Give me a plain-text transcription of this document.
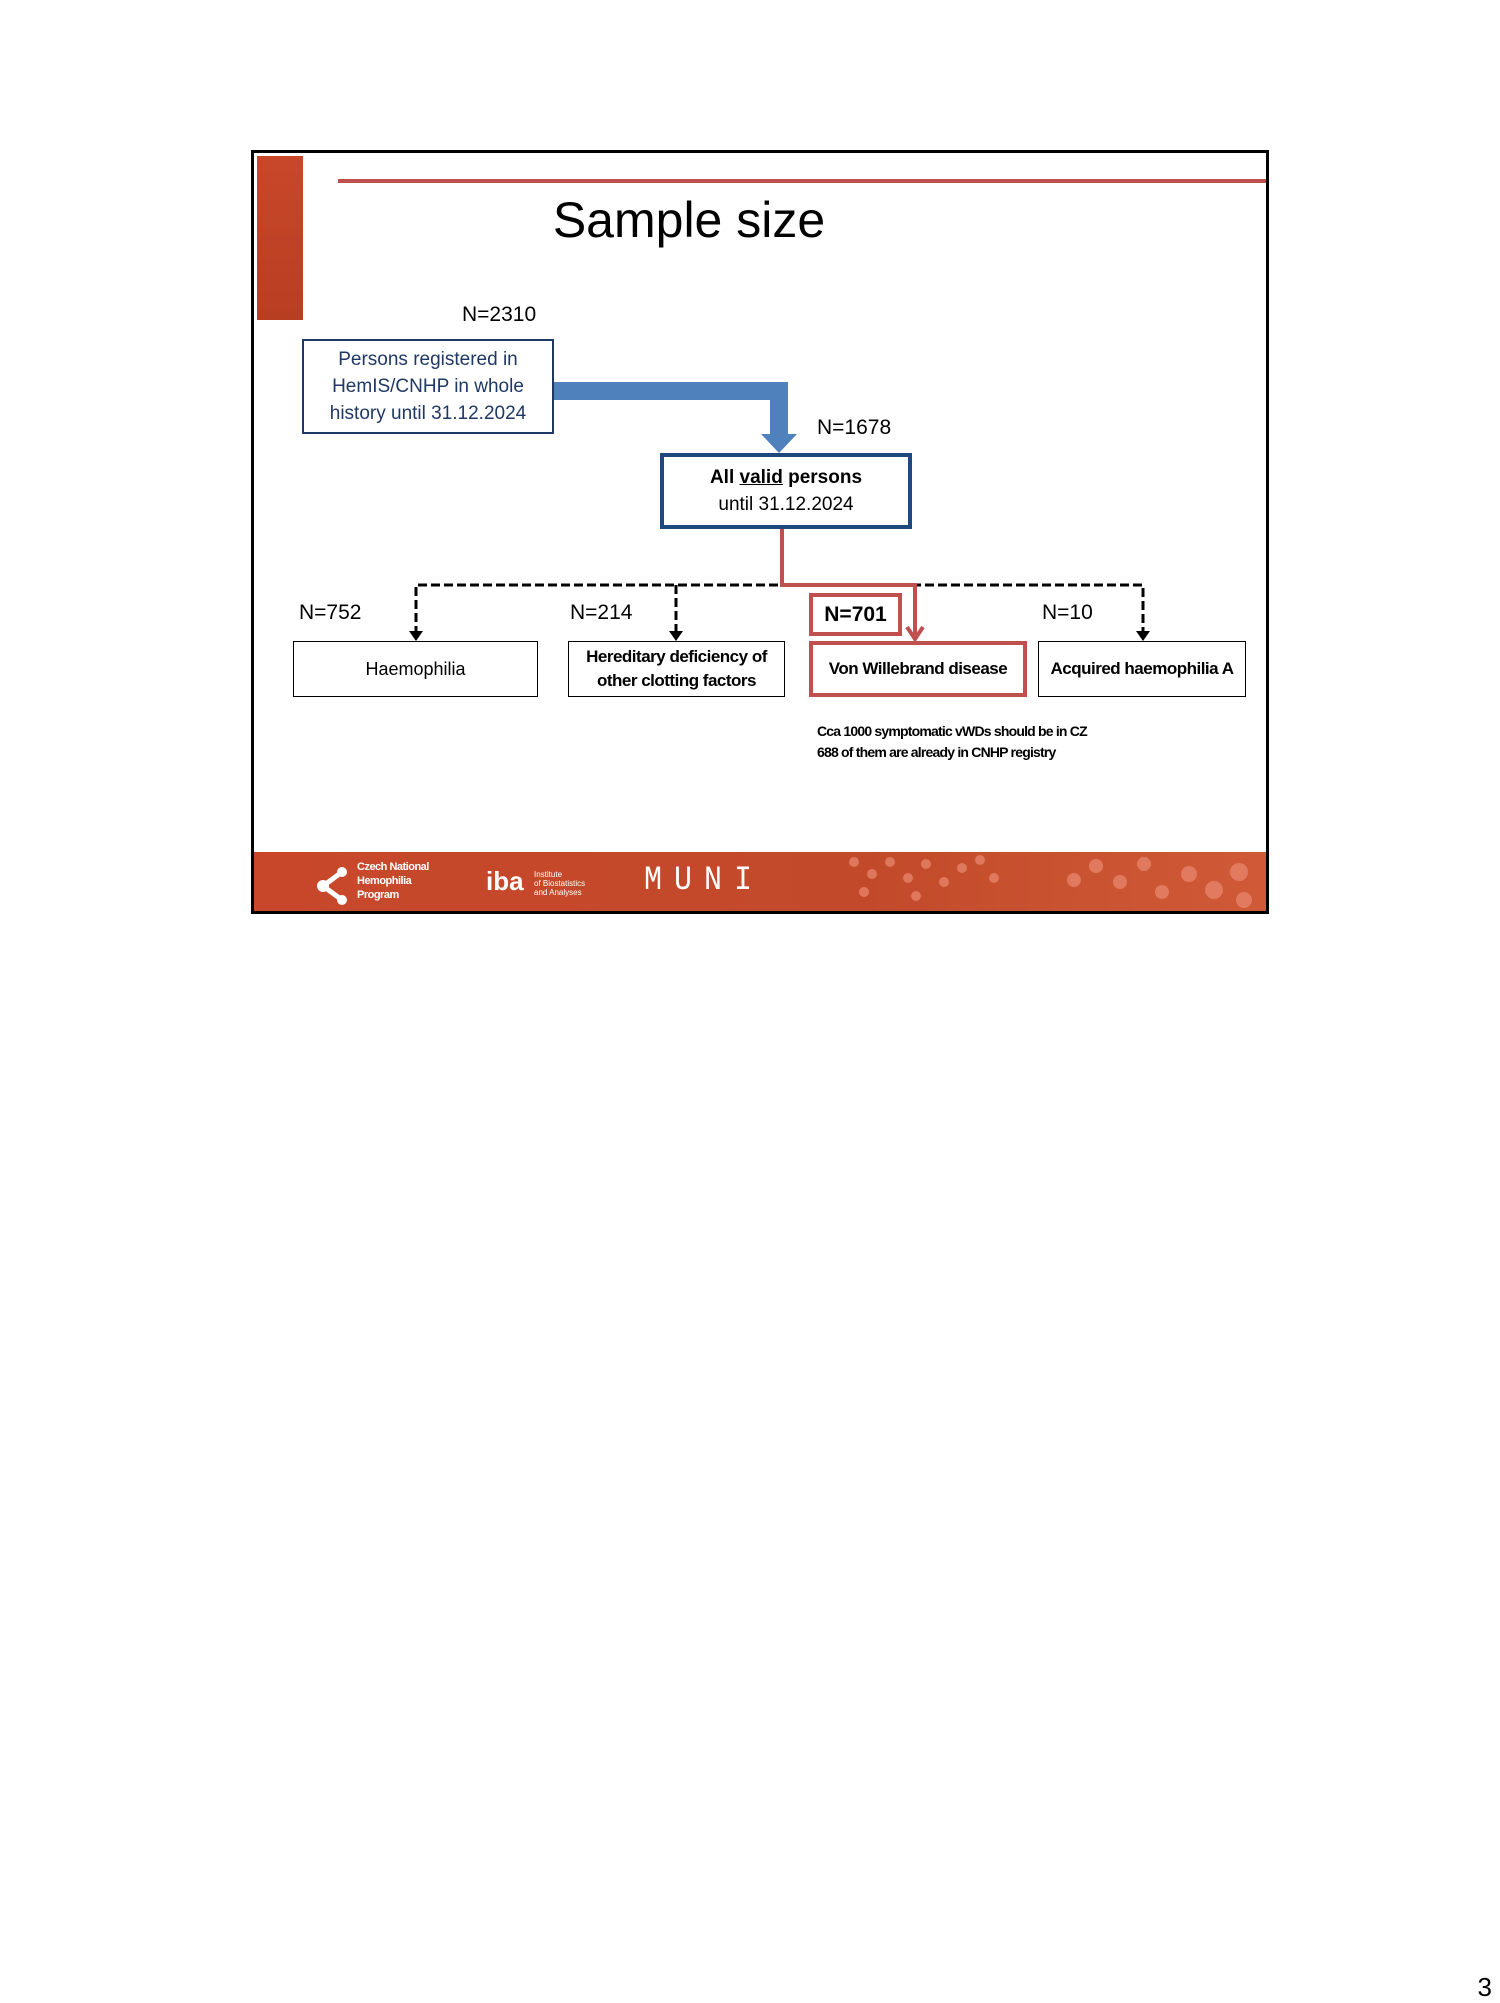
Sample size
N=2310
Persons registered in
HemIS/CNHP in whole
history until 31.12.2024
N=1678
All valid persons
until 31.12.2024
N=752	N=214	N=701	N=10
Haemophilia
Hereditary deficiency of
other clotting factors
Von Willebrand disease	Acquired haemophilia A
Cca 1000 symptomatic vWDs should be in CZ
688 of them are already in CNHP registry
Czech National
Hemophilia
Program	iba Institute
of Biostatistics
and Analyses MUNI
3
